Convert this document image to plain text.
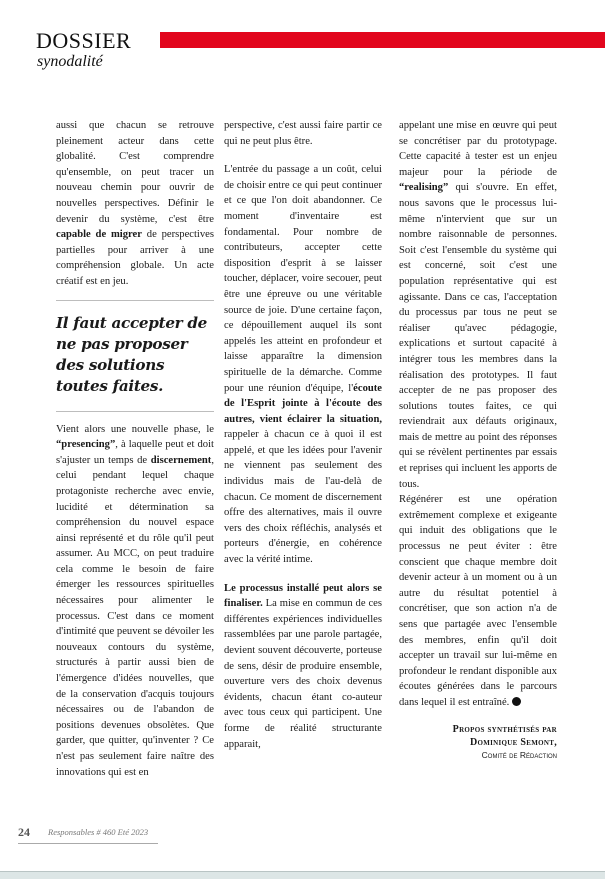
DOSSIER
synodalité

aussi que chacun se retrouve pleinement acteur dans cette globalité. C'est comprendre qu'ensemble, on peut tracer un nouveau chemin pour ouvrir de nouvelles perspectives. Définir le devenir du système, c'est être capable de migrer de perspectives partielles pour arriver à une compréhension globale. Un acte créatif est en jeu.

Il faut accepter de ne pas proposer des solutions toutes faites.

Vient alors une nouvelle phase, le “presencing”, à laquelle peut et doit s'ajuster un temps de discernement, celui pendant lequel chaque protagoniste recherche avec envie, lucidité et détermination sa compréhension du nouvel espace ainsi représenté et du rôle qu'il peut assumer. Au MCC, on peut traduire cela comme le besoin de faire émerger les ressources spirituelles nécessaires pour alimenter le processus. C'est dans ce moment d'intimité que peuvent se dévoiler les nouveaux contours du système, structurés à partir aussi bien de l'émergence d'idées nouvelles, que de la conservation d'acquis toujours nécessaires ou de l'abandon de positions devenues obsolètes. Que garder, que quitter, qu'inventer ? Ce n'est pas seulement faire naître des innovations qui est en

perspective, c'est aussi faire partir ce qui ne peut plus être.

L'entrée du passage a un coût, celui de choisir entre ce qui peut continuer et ce que l'on doit abandonner. Ce moment d'inventaire est fondamental. Pour nombre de contributeurs, accepter cette disposition d'esprit à se laisser toucher, déplacer, voire secouer, peut être une épreuve ou une véritable source de joie. D'une certaine façon, ce dépouillement auquel ils sont appelés les atteint en profondeur et laisse apparaître la dimension spirituelle de la démarche. Comme pour une réunion d'équipe, l'écoute de l'Esprit jointe à l'écoute des autres, vient éclairer la situation, rappeler à chacun ce à quoi il est appelé, et que les idées pour l'avenir ne viennent pas seulement des individus mais de l'au-delà de chacun. Ce moment de discernement offre des alternatives, mais il ouvre vers des choix réfléchis, analysés et porteurs d'énergie, en cohérence avec la vérité intime.

Le processus installé peut alors se finaliser. La mise en commun de ces différentes expériences individuelles rassemblées par une parole partagée, devient souvent découverte, porteuse de sens, désir de produire ensemble, ouverture vers des choix devenus évidents, chacun étant co-auteur avec tous ceux qui participent. Une forme de réalité structurante apparait,

appelant une mise en œuvre qui peut se concrétiser par du prototypage. Cette capacité à tester est un enjeu majeur pour la période de “realising” qui s'ouvre. En effet, nous savons que le processus lui-même n'intervient que sur un nombre raisonnable de personnes. Soit c'est l'ensemble du système qui est concerné, soit c'est une population représentative qui est agissante. Dans ce cas, l'acceptation du processus par tous ne peut se réaliser qu'avec pédagogie, explications et surtout capacité à intégrer tous les membres dans la réalisation des prototypes. Il faut accepter de ne pas proposer des solutions toutes faites, ce qui reviendrait aux défauts originaux, mais de mettre au point des réponses qui se révèlent pertinentes par essais et reprises qui incluent les apports de tous.

Régénérer est une opération extrêmement complexe et exigeante qui induit des obligations que le processus ne peut éviter : être conscient que chaque membre doit devenir acteur à un moment ou à un autre du résultat potentiel à concrétiser, que son action n'a de sens que partagée avec l'ensemble des membres, enfin qu'il doit accepter un travail sur lui-même en profondeur le rendant disponible aux écoutes générées dans le parcours dans lequel il est entraîné.

Propos synthétisés par
Dominique Semont,
Comité de Rédaction
24 Responsables # 460 Eté 2023
